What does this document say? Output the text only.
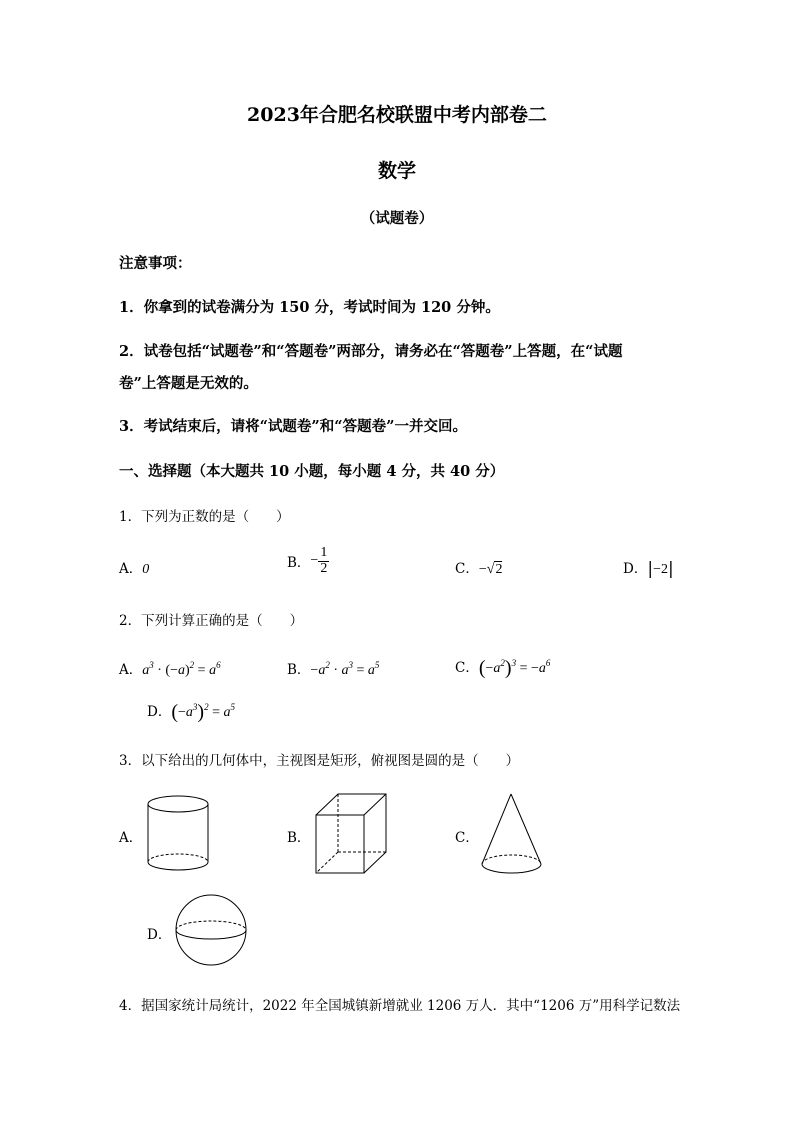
2023年合肥名校联盟中考内部卷二
数学
（试题卷）
注意事项：
1．你拿到的试卷满分为 150 分，考试时间为 120 分钟。
2．试卷包括“试题卷”和“答题卷”两部分，请务必在“答题卷”上答题，在“试题
卷”上答题是无效的。
3．考试结束后，请将“试题卷”和“答题卷”一并交回。
一、选择题（本大题共 10 小题，每小题 4 分，共 40 分）
1．下列为正数的是（　　）
A．0	B．− $\frac{1}{2}$	C．−√2	D．|−2|
2．下列计算正确的是（　　）
A．$a^3 \cdot (-a)^2 = a^6$	B．$-a^2 \cdot a^3 = a^5$	C．$(-a^2)^3 = -a^6$
D．$(-a^3)^2 = a^5$
3．以下给出的几何体中，主视图是矩形，俯视图是圆的是（　　）
A．	B．	C．
D．
4．据国家统计局统计，2022 年全国城镇新增就业 1206 万人．其中“1206 万”用科学记数法
